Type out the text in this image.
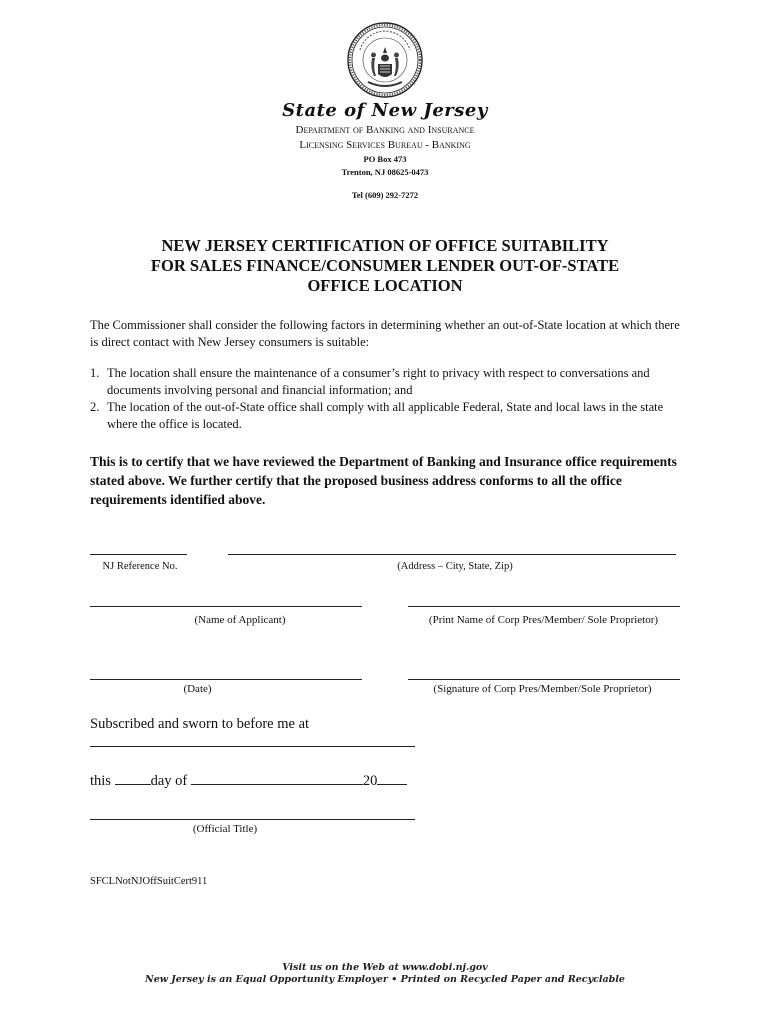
State of New Jersey
Department of Banking and Insurance
Licensing Services Bureau - Banking
PO Box 473
Trenton, NJ 08625-0473
Tel (609) 292-7272
NEW JERSEY CERTIFICATION OF OFFICE SUITABILITY
FOR SALES FINANCE/CONSUMER LENDER OUT-OF-STATE
OFFICE LOCATION
The Commissioner shall consider the following factors in determining whether an out-of-State location at which there is direct contact with New Jersey consumers is suitable:
1. The location shall ensure the maintenance of a consumer’s right to privacy with respect to conversations and documents involving personal and financial information; and
2. The location of the out-of-State office shall comply with all applicable Federal, State and local laws in the state where the office is located.
This is to certify that we have reviewed the Department of Banking and Insurance office requirements stated above. We further certify that the proposed business address conforms to all the office requirements identified above.
NJ Reference No.	(Address – City, State, Zip)
(Name of Applicant)	(Print Name of Corp Pres/Member/ Sole Proprietor)
(Date)	(Signature of Corp Pres/Member/Sole Proprietor)
Subscribed and sworn to before me at
this	day of	20
(Official Title)
SFCLNotNJOffSuitCert911
Visit us on the Web at www.dobi.nj.gov
New Jersey is an Equal Opportunity Employer • Printed on Recycled Paper and Recyclable
